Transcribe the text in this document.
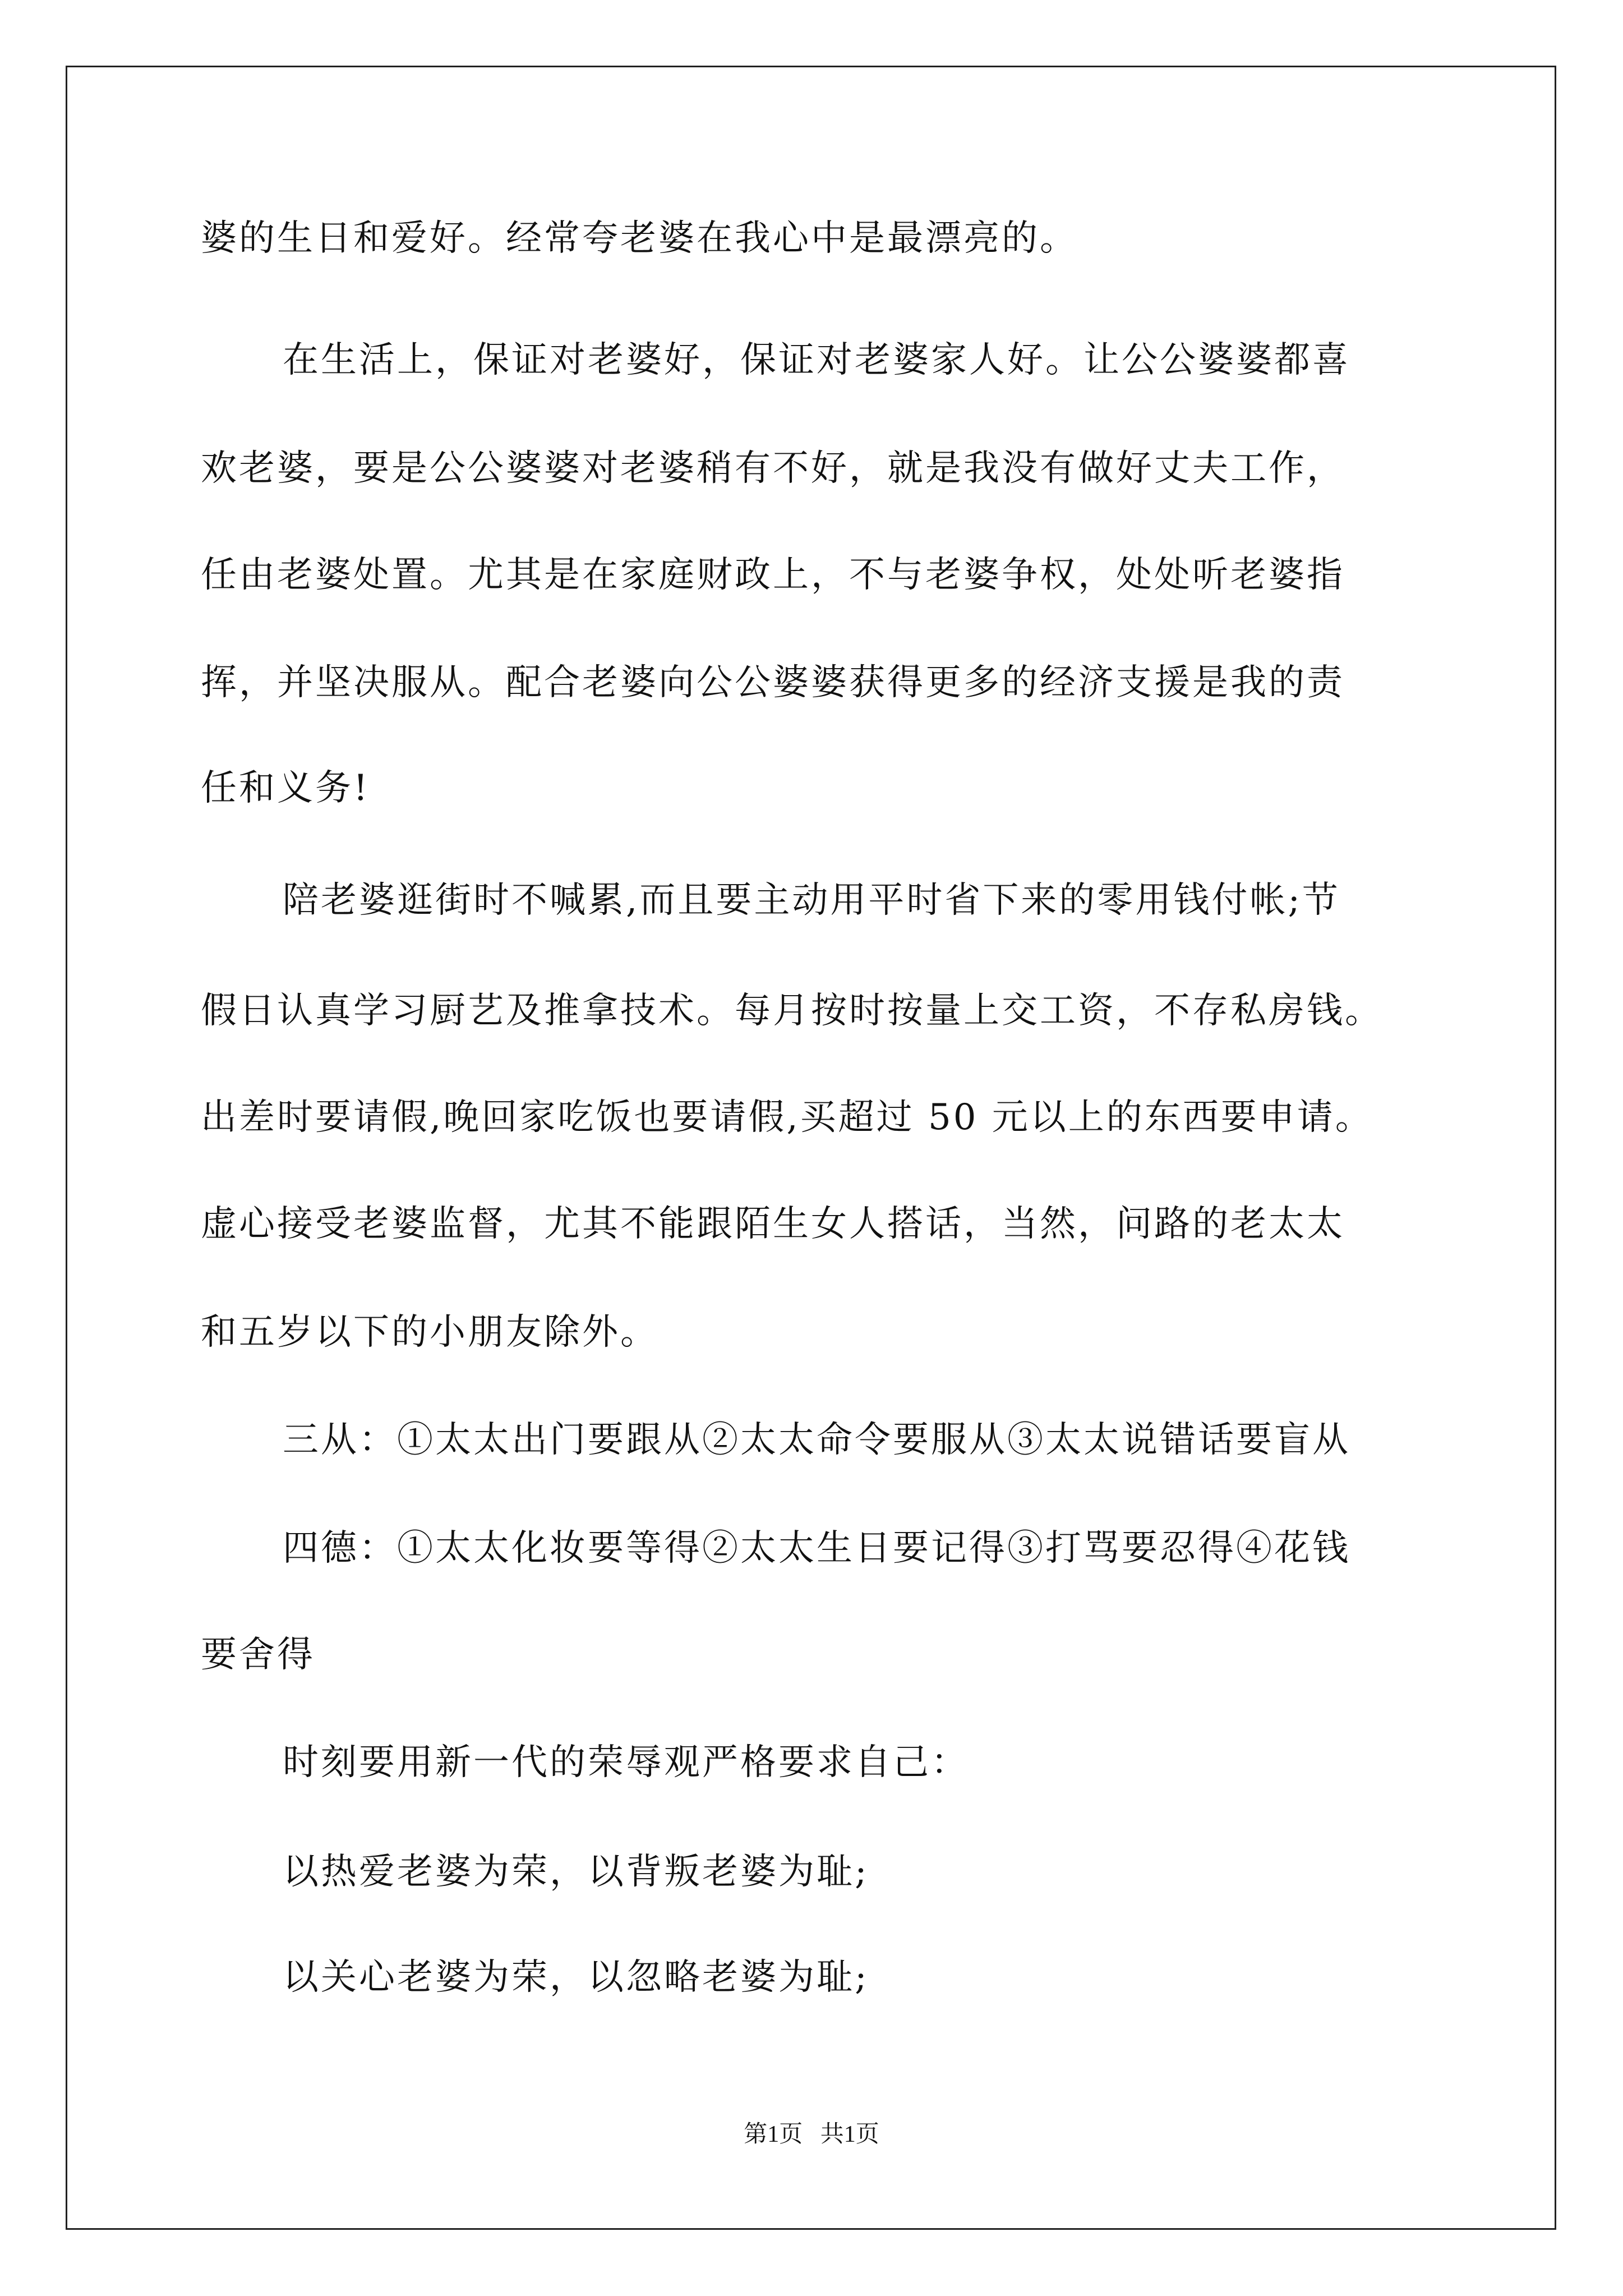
婆的生日和爱好。经常夸老婆在我心中是最漂亮的。
在生活上，保证对老婆好，保证对老婆家人好。让公公婆婆都喜
欢老婆，要是公公婆婆对老婆稍有不好，就是我没有做好丈夫工作，
任由老婆处置。尤其是在家庭财政上，不与老婆争权，处处听老婆指
挥，并坚决服从。配合老婆向公公婆婆获得更多的经济支援是我的责
任和义务!
陪老婆逛街时不喊累,而且要主动用平时省下来的零用钱付帐;节
假日认真学习厨艺及推拿技术。每月按时按量上交工资，不存私房钱。
出差时要请假,晚回家吃饭也要请假,买超过 50 元以上的东西要申请。
虚心接受老婆监督，尤其不能跟陌生女人搭话，当然，问路的老太太
和五岁以下的小朋友除外。
三从：①太太出门要跟从②太太命令要服从③太太说错话要盲从
四德：①太太化妆要等得②太太生日要记得③打骂要忍得④花钱
要舍得
时刻要用新一代的荣辱观严格要求自己：
以热爱老婆为荣，以背叛老婆为耻;
以关心老婆为荣，以忽略老婆为耻;
第1页   共1页
